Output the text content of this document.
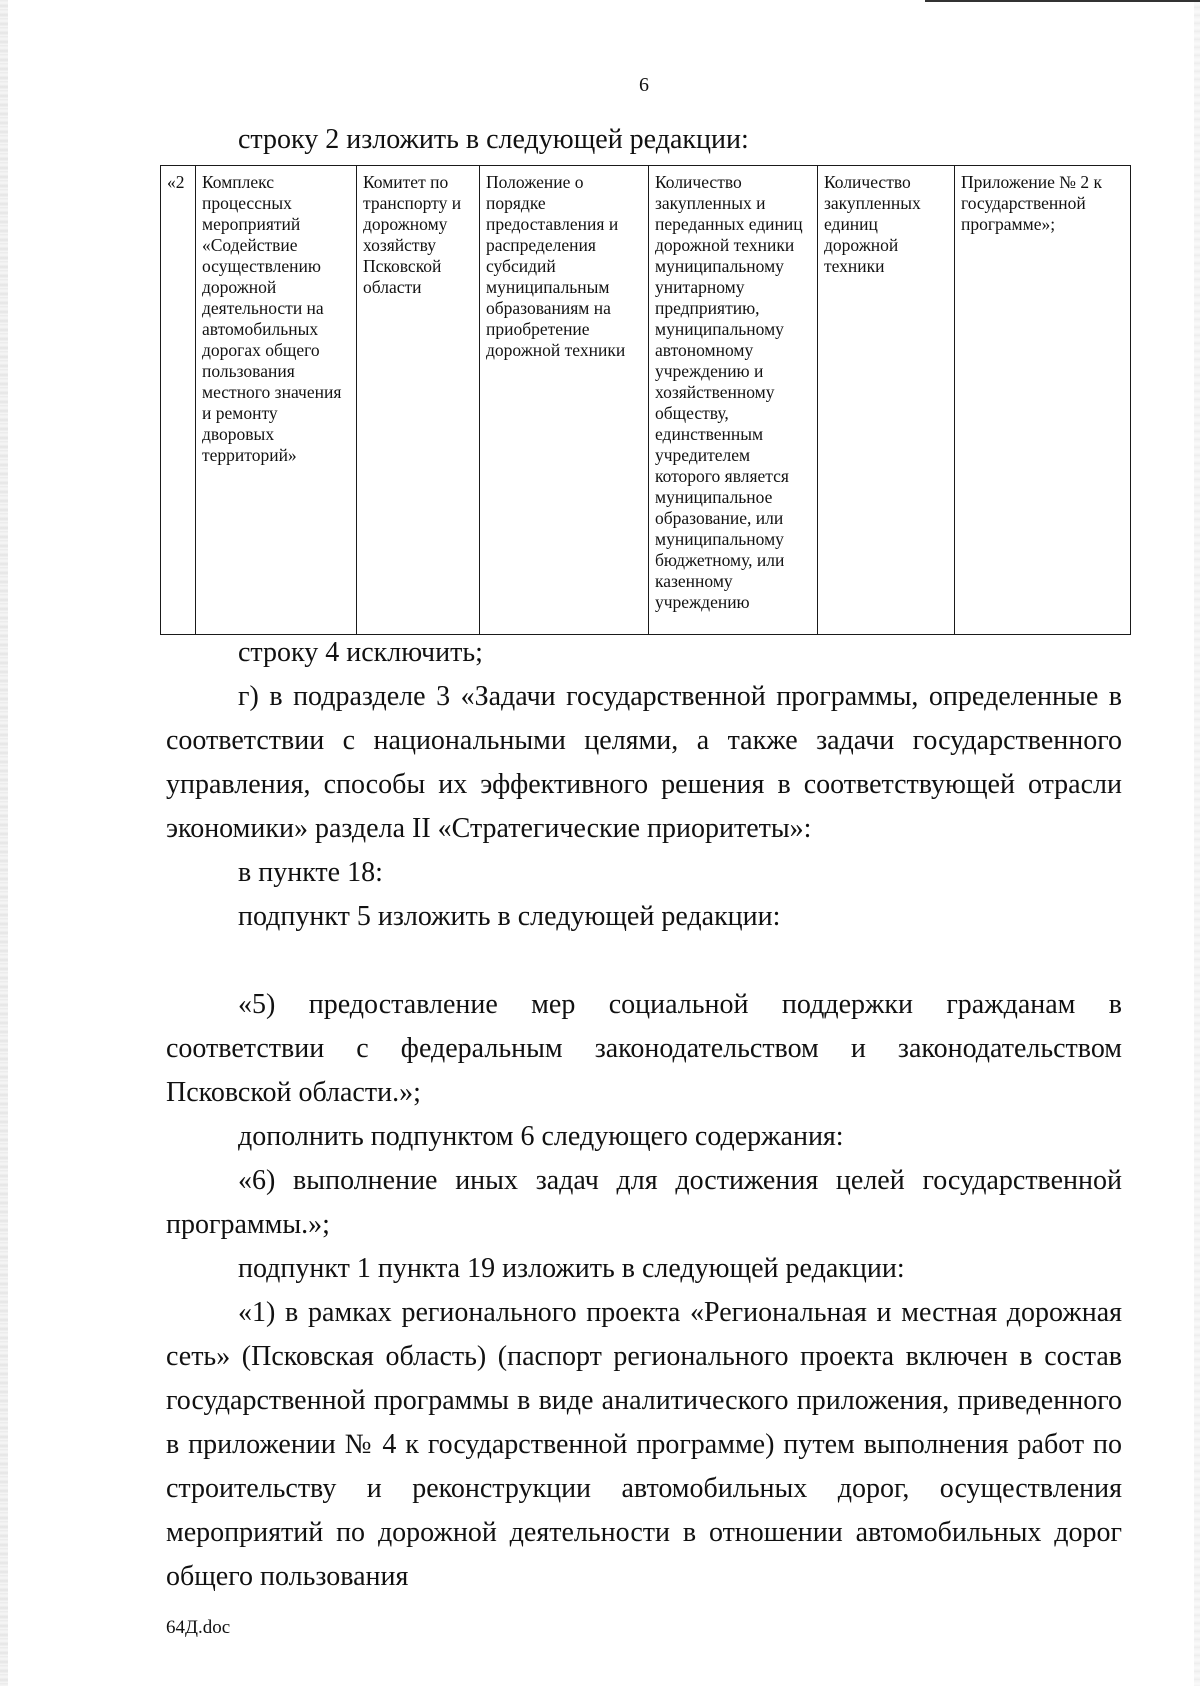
6

строку 2 изложить в следующей редакции:

«2	Комплекс процессных мероприятий «Содействие осуществлению дорожной деятельности на автомобильных дорогах общего пользования местного значения и ремонту дворовых территорий»	Комитет по транспорту и дорожному хозяйству Псковской области	Положение о порядке предоставления и распределения субсидий муниципальным образованиям на приобретение дорожной техники	Количество закупленных и переданных единиц дорожной техники муниципальному унитарному предприятию, муниципальному автономному учреждению и хозяйственному обществу, единственным учредителем которого является муниципальное образование, или муниципальному бюджетному, или казенному учреждению	Количество закупленных единиц дорожной техники	Приложение № 2 к государственной программе»;

строку 4 исключить;

г) в подразделе 3 «Задачи государственной программы, определенные в соответствии с национальными целями, а также задачи государственного управления, способы их эффективного решения в соответствующей отрасли экономики» раздела II «Стратегические приоритеты»:

в пункте 18:

подпункт 5 изложить в следующей редакции:

«5) предоставление мер социальной поддержки гражданам в соответствии с федеральным законодательством и законодательством Псковской области.»;

дополнить подпунктом 6 следующего содержания:

«6) выполнение иных задач для достижения целей государственной программы.»;

подпункт 1 пункта 19 изложить в следующей редакции:

«1) в рамках регионального проекта «Региональная и местная дорожная сеть» (Псковская область) (паспорт регионального проекта включен в состав государственной программы в виде аналитического приложения, приведенного в приложении № 4 к государственной программе) путем выполнения работ по строительству и реконструкции автомобильных дорог, осуществления мероприятий по дорожной деятельности в отношении автомобильных дорог общего пользования

64Д.doc
